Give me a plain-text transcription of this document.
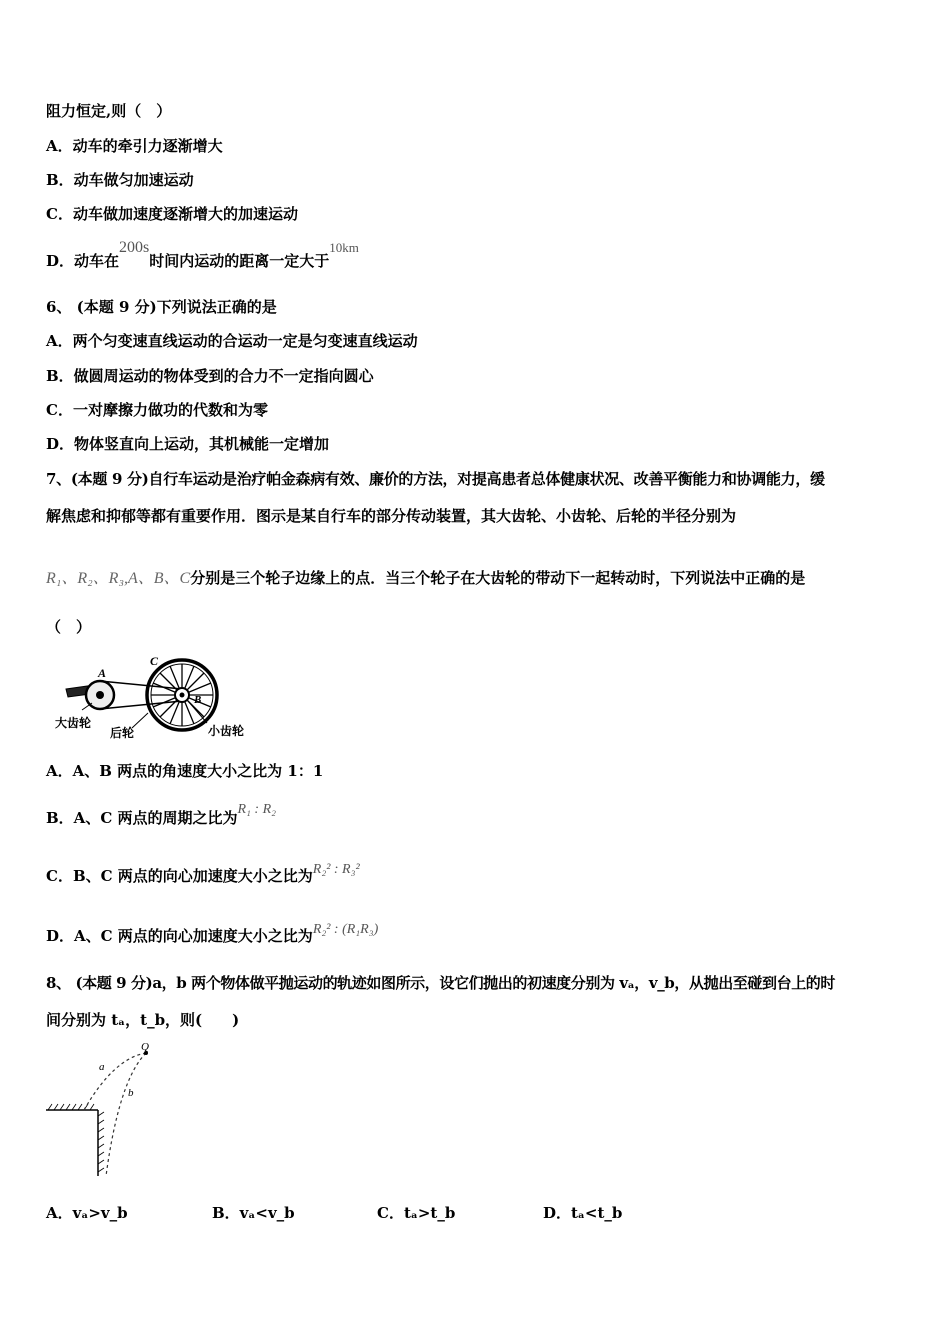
阻力恒定,则（　）
A．动车的牵引力逐渐增大
B．动车做匀加速运动
C．动车做加速度逐渐增大的加速运动
D．动车在200s时间内运动的距离一定大于10km
6、 (本题 9 分)下列说法正确的是
A．两个匀变速直线运动的合运动一定是匀变速直线运动
B．做圆周运动的物体受到的合力不一定指向圆心
C．一对摩擦力做功的代数和为零
D．物体竖直向上运动，其机械能一定增加
7、(本题 9 分)自行车运动是治疗帕金森病有效、廉价的方法，对提高患者总体健康状况、改善平衡能力和协调能力，缓
解焦虑和抑郁等都有重要作用．图示是某自行车的部分传动装置，其大齿轮、小齿轮、后轮的半径分别为
R₁、R₂、R₃,A、B、C分别是三个轮子边缘上的点．当三个轮子在大齿轮的带动下一起转动时，下列说法中正确的是
（　）
A
C
B
大齿轮
后轮	小齿轮
A．A、B 两点的角速度大小之比为 1：1
B．A、C 两点的周期之比为R₁ : R₂
C．B、C 两点的向心加速度大小之比为R₂² : R₃²
D．A、C 两点的向心加速度大小之比为R₂² : (R₁R₃)
8、 (本题 9 分)a，b 两个物体做平抛运动的轨迹如图所示，设它们抛出的初速度分别为 vₐ，v_b，从抛出至碰到台上的时
间分别为 tₐ，t_b，则(　　)
Q
a
b
A．vₐ>v_b	B．vₐ<v_b	C．tₐ>t_b	D．tₐ<t_b
